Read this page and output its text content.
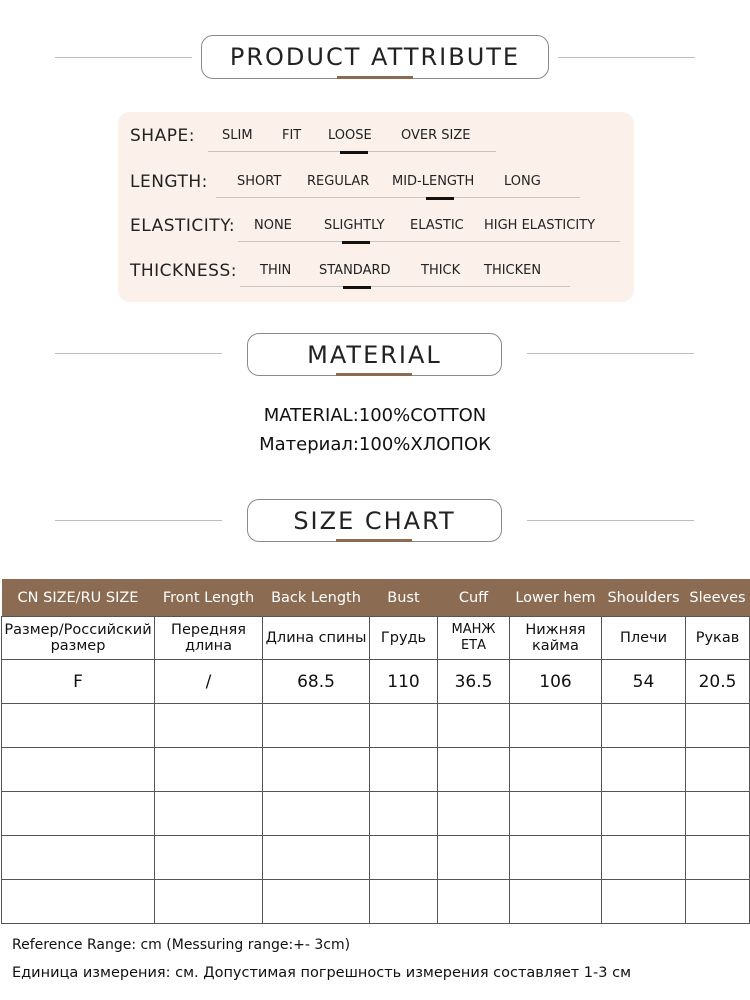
PRODUCT ATTRIBUTE
SHAPE: SLIM FIT LOOSE OVER SIZE
LENGTH: SHORT REGULAR MID-LENGTH LONG
ELASTICITY: NONE SLIGHTLY ELASTIC HIGH ELASTICITY
THICKNESS: THIN STANDARD THICK THICKEN
MATERIAL
MATERIAL:100%COTTON
Материал:100%ХЛОПОК
SIZE CHART
CN SIZE/RU SIZE	Front Length	Back Length	Bust	Cuff	Lower hem	Shoulders	Sleeves
Размер/Российский размер	Передняя длина	Длина спины	Грудь	МАНЖ ЕТА	Нижняя кайма	Плечи	Рукав
F	/	68.5	110	36.5	106	54	20.5

Reference Range: cm (Messuring range:+- 3cm)
Единица измерения: см. Допустимая погрешность измерения составляет 1-3 см
